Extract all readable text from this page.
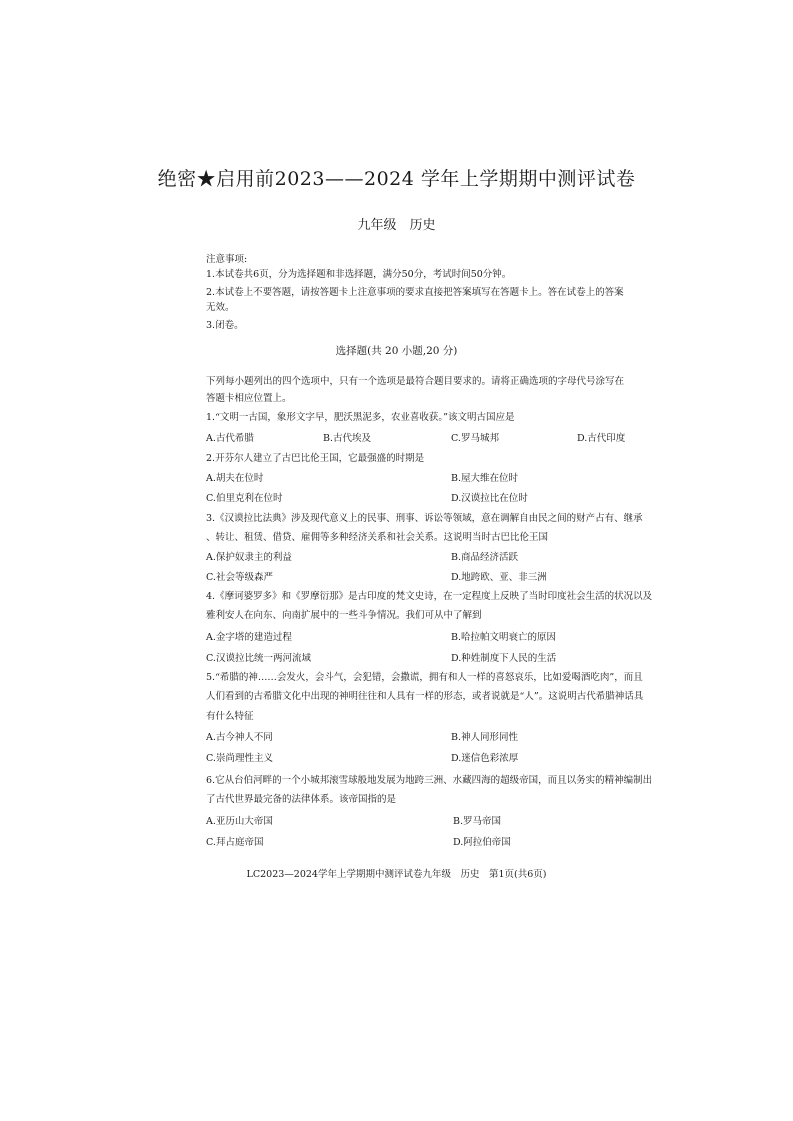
绝密★启用前2023——2024 学年上学期期中测评试卷
九年级　历史
注意事项:
1.本试卷共6页，分为选择题和非选择题，满分50分，考试时间50分钟。
2.本试卷上不要答题，请按答题卡上注意事项的要求直接把答案填写在答题卡上。答在试卷上的答案
无效。
3.闭卷。
选择题(共 20 小题,20 分)
下列每小题列出的四个选项中，只有一个选项是最符合题目要求的。请将正确选项的字母代号涂写在
答题卡相应位置上。
1.“文明一古国，象形文字早，肥沃黑泥多，农业喜收获。”该文明古国应是
A.古代希腊	B.古代埃及	C.罗马城邦	D.古代印度
2.开芬尔人建立了古巴比伦王国，它最强盛的时期是
A.胡夫在位时	B.屋大维在位时
C.伯里克利在位时	D.汉谟拉比在位时
3.《汉谟拉比法典》涉及现代意义上的民事、刑事、诉讼等领域，意在调解自由民之间的财产占有、继承
、转让、租赁、借贷、雇佣等多种经济关系和社会关系。这说明当时古巴比伦王国
A.保护奴隶主的利益	B.商品经济活跃
C.社会等级森严	D.地跨欧、亚、非三洲
4.《摩诃婆罗多》和《罗摩衍那》是古印度的梵文史诗，在一定程度上反映了当时印度社会生活的状况以及
雅利安人在向东、向南扩展中的一些斗争情况。我们可从中了解到
A.金字塔的建造过程	B.哈拉帕文明衰亡的原因
C.汉谟拉比统一两河流域	D.种姓制度下人民的生活
5.“希腊的神……会发火，会斗气，会犯错，会撒谎，拥有和人一样的喜怒哀乐，比如爱喝酒吃肉”，而且
人们看到的古希腊文化中出现的神明往往和人具有一样的形态，或者说就是“人”。这说明古代希腊神话具
有什么特征
A.古今神人不同	B.神人同形同性
C.崇尚理性主义	D.迷信色彩浓厚
6.它从台伯河畔的一个小城邦滚雪球般地发展为地跨三洲、水藏四海的超级帝国，而且以务实的精神编制出
了古代世界最完备的法律体系。该帝国指的是
A.亚历山大帝国	B.罗马帝国
C.拜占庭帝国	D.阿拉伯帝国
LC2023—2024学年上学期期中测评试卷九年级　历史　第1页(共6页)
